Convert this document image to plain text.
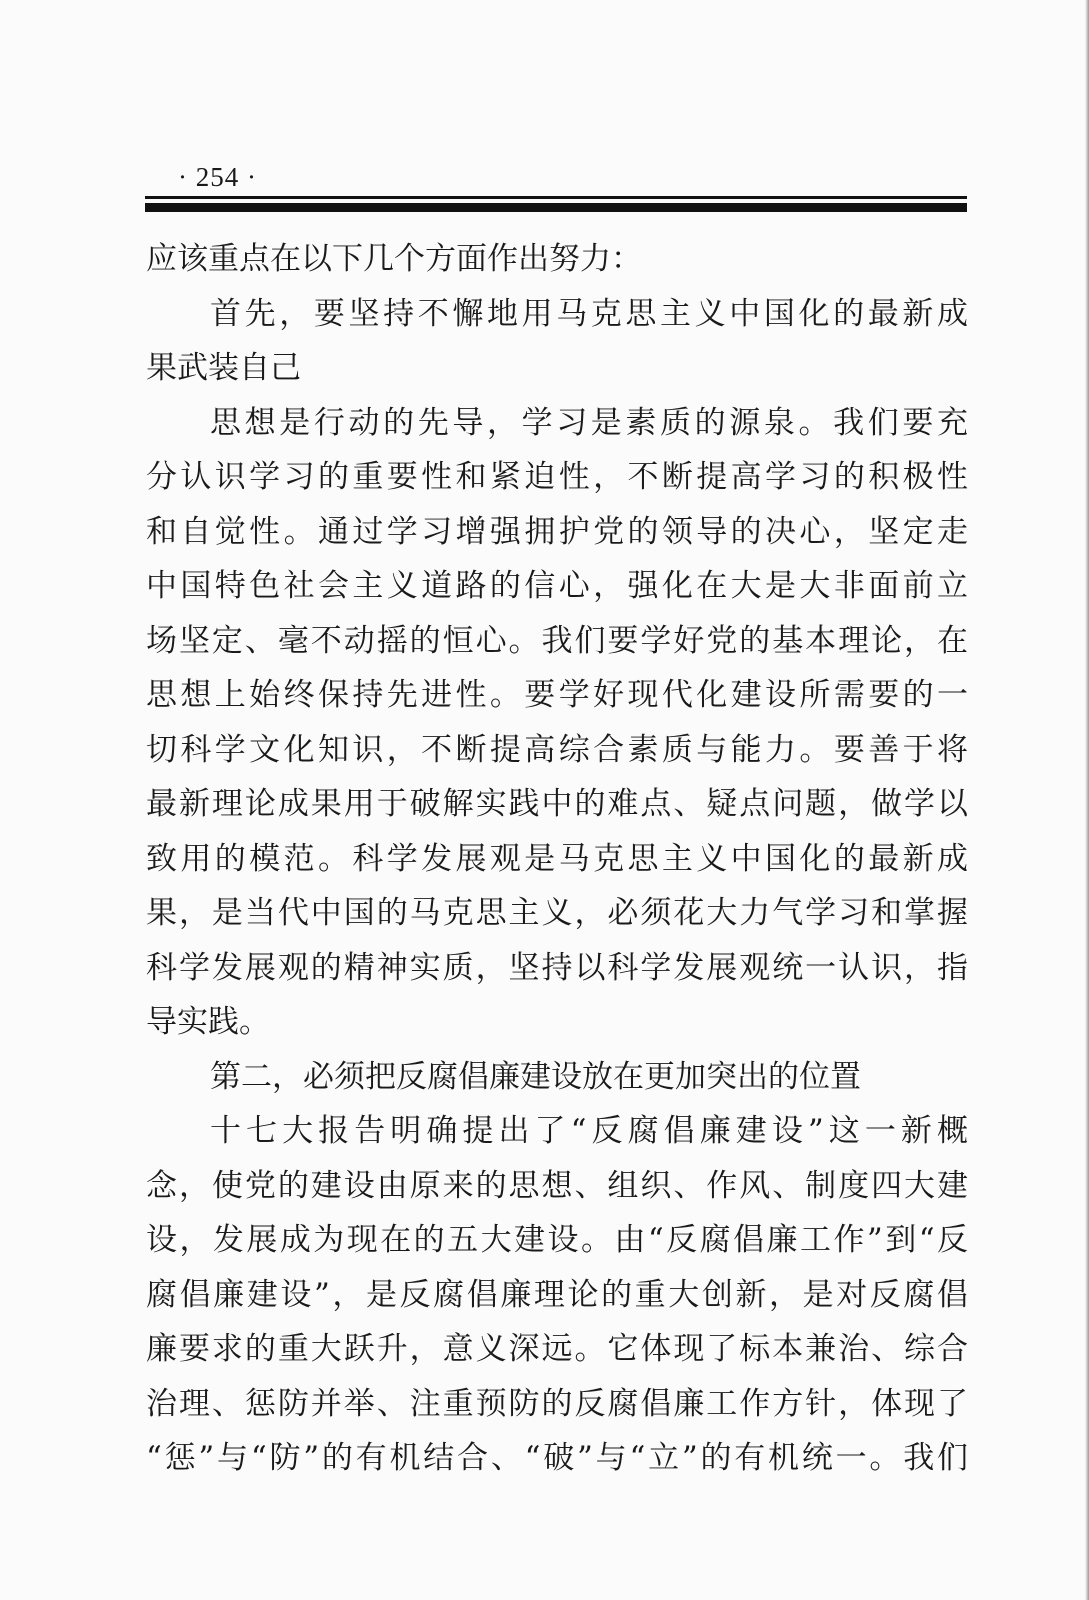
· 254 ·
应该重点在以下几个方面作出努力：
首先，要坚持不懈地用马克思主义中国化的最新成
果武装自己
思想是行动的先导，学习是素质的源泉。我们要充
分认识学习的重要性和紧迫性，不断提高学习的积极性
和自觉性。通过学习增强拥护党的领导的决心，坚定走
中国特色社会主义道路的信心，强化在大是大非面前立
场坚定、毫不动摇的恒心。我们要学好党的基本理论，在
思想上始终保持先进性。要学好现代化建设所需要的一
切科学文化知识，不断提高综合素质与能力。要善于将
最新理论成果用于破解实践中的难点、疑点问题，做学以
致用的模范。科学发展观是马克思主义中国化的最新成
果，是当代中国的马克思主义，必须花大力气学习和掌握
科学发展观的精神实质，坚持以科学发展观统一认识，指
导实践。
第二，必须把反腐倡廉建设放在更加突出的位置
十七大报告明确提出了“反腐倡廉建设”这一新概
念，使党的建设由原来的思想、组织、作风、制度四大建
设，发展成为现在的五大建设。由“反腐倡廉工作”到“反
腐倡廉建设”，是反腐倡廉理论的重大创新，是对反腐倡
廉要求的重大跃升，意义深远。它体现了标本兼治、综合
治理、惩防并举、注重预防的反腐倡廉工作方针，体现了
“惩”与“防”的有机结合、“破”与“立”的有机统一。我们
